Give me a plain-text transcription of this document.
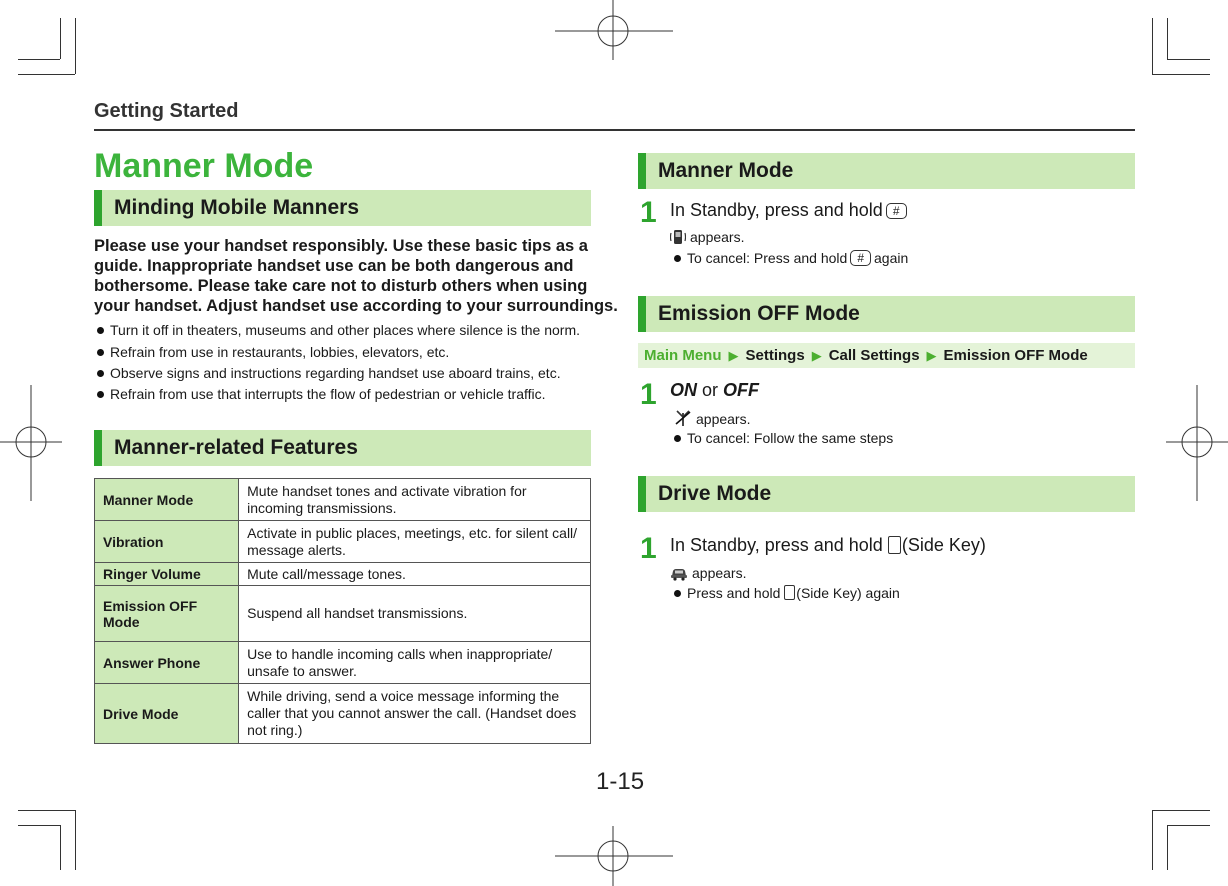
Getting Started
Manner Mode
Minding Mobile Manners
Please use your handset responsibly. Use these basic tips as a
guide. Inappropriate handset use can be both dangerous and
bothersome. Please take care not to disturb others when using
your handset. Adjust handset use according to your surroundings.
Turn it off in theaters, museums and other places where silence is the norm.
Refrain from use in restaurants, lobbies, elevators, etc.
Observe signs and instructions regarding handset use aboard trains, etc.
Refrain from use that interrupts the flow of pedestrian or vehicle traffic.
Manner-related Features
Manner Mode	Mute handset tones and activate vibration for incoming transmissions.
Vibration	Activate in public places, meetings, etc. for silent call/ message alerts.
Ringer Volume	Mute call/message tones.
Emission OFF Mode	Suspend all handset transmissions.
Answer Phone	Use to handle incoming calls when inappropriate/ unsafe to answer.
Drive Mode	While driving, send a voice message informing the caller that you cannot answer the call. (Handset does not ring.)
Manner Mode
1 In Standby, press and hold #
appears.
To cancel: Press and hold # again
Emission OFF Mode
Main Menu ▶ Settings ▶ Call Settings ▶ Emission OFF Mode
1 ON or OFF
appears.
To cancel: Follow the same steps
Drive Mode
1 In Standby, press and hold (Side Key)
appears.
Press and hold (Side Key) again
1-15
